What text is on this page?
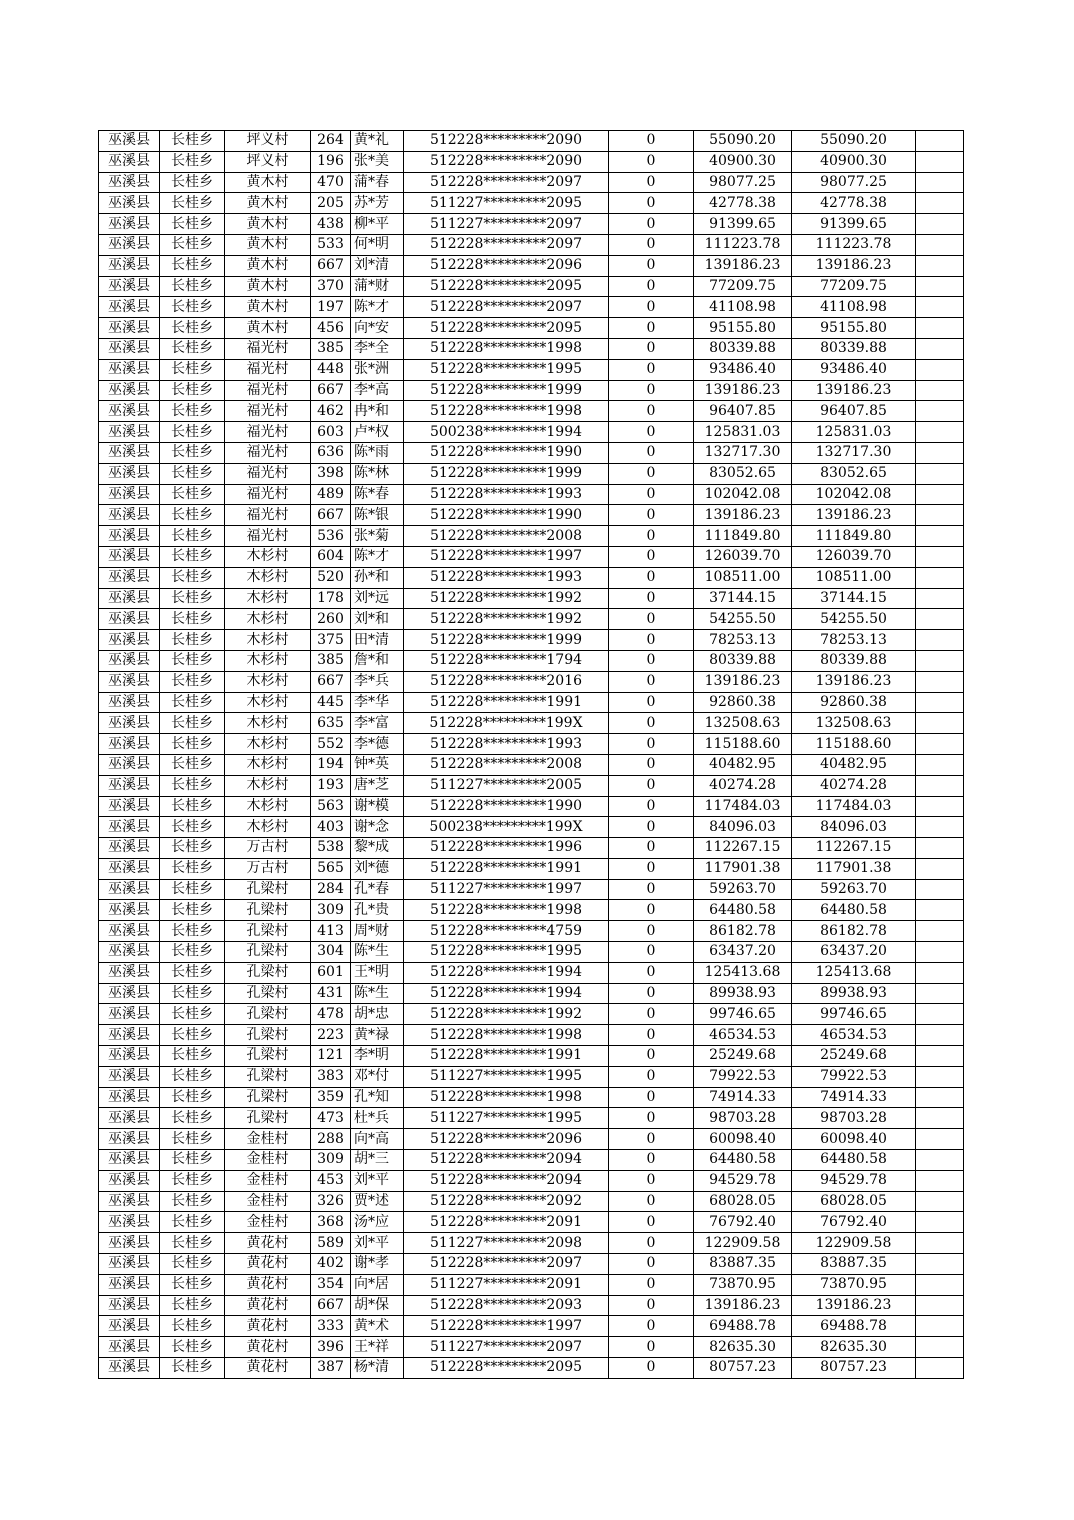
巫溪县	长桂乡	坪义村	264	黄*礼	512228*********2090	0	55090.20	55090.20	
巫溪县	长桂乡	坪义村	196	张*美	512228*********2090	0	40900.30	40900.30	
巫溪县	长桂乡	黄木村	470	蒲*春	512228*********2097	0	98077.25	98077.25	
巫溪县	长桂乡	黄木村	205	苏*芳	511227*********2095	0	42778.38	42778.38	
巫溪县	长桂乡	黄木村	438	柳*平	511227*********2097	0	91399.65	91399.65	
巫溪县	长桂乡	黄木村	533	何*明	512228*********2097	0	111223.78	111223.78	
巫溪县	长桂乡	黄木村	667	刘*清	512228*********2096	0	139186.23	139186.23	
巫溪县	长桂乡	黄木村	370	蒲*财	512228*********2095	0	77209.75	77209.75	
巫溪县	长桂乡	黄木村	197	陈*才	512228*********2097	0	41108.98	41108.98	
巫溪县	长桂乡	黄木村	456	向*安	512228*********2095	0	95155.80	95155.80	
巫溪县	长桂乡	福光村	385	李*全	512228*********1998	0	80339.88	80339.88	
巫溪县	长桂乡	福光村	448	张*洲	512228*********1995	0	93486.40	93486.40	
巫溪县	长桂乡	福光村	667	李*高	512228*********1999	0	139186.23	139186.23	
巫溪县	长桂乡	福光村	462	冉*和	512228*********1998	0	96407.85	96407.85	
巫溪县	长桂乡	福光村	603	卢*权	500238*********1994	0	125831.03	125831.03	
巫溪县	长桂乡	福光村	636	陈*雨	512228*********1990	0	132717.30	132717.30	
巫溪县	长桂乡	福光村	398	陈*林	512228*********1999	0	83052.65	83052.65	
巫溪县	长桂乡	福光村	489	陈*春	512228*********1993	0	102042.08	102042.08	
巫溪县	长桂乡	福光村	667	陈*银	512228*********1990	0	139186.23	139186.23	
巫溪县	长桂乡	福光村	536	张*菊	512228*********2008	0	111849.80	111849.80	
巫溪县	长桂乡	木杉村	604	陈*才	512228*********1997	0	126039.70	126039.70	
巫溪县	长桂乡	木杉村	520	孙*和	512228*********1993	0	108511.00	108511.00	
巫溪县	长桂乡	木杉村	178	刘*远	512228*********1992	0	37144.15	37144.15	
巫溪县	长桂乡	木杉村	260	刘*和	512228*********1992	0	54255.50	54255.50	
巫溪县	长桂乡	木杉村	375	田*清	512228*********1999	0	78253.13	78253.13	
巫溪县	长桂乡	木杉村	385	詹*和	512228*********1794	0	80339.88	80339.88	
巫溪县	长桂乡	木杉村	667	李*兵	512228*********2016	0	139186.23	139186.23	
巫溪县	长桂乡	木杉村	445	李*华	512228*********1991	0	92860.38	92860.38	
巫溪县	长桂乡	木杉村	635	李*富	512228*********199X	0	132508.63	132508.63	
巫溪县	长桂乡	木杉村	552	李*德	512228*********1993	0	115188.60	115188.60	
巫溪县	长桂乡	木杉村	194	钟*英	512228*********2008	0	40482.95	40482.95	
巫溪县	长桂乡	木杉村	193	唐*芝	511227*********2005	0	40274.28	40274.28	
巫溪县	长桂乡	木杉村	563	谢*模	512228*********1990	0	117484.03	117484.03	
巫溪县	长桂乡	木杉村	403	谢*念	500238*********199X	0	84096.03	84096.03	
巫溪县	长桂乡	万古村	538	黎*成	512228*********1996	0	112267.15	112267.15	
巫溪县	长桂乡	万古村	565	刘*德	512228*********1991	0	117901.38	117901.38	
巫溪县	长桂乡	孔梁村	284	孔*春	511227*********1997	0	59263.70	59263.70	
巫溪县	长桂乡	孔梁村	309	孔*贵	512228*********1998	0	64480.58	64480.58	
巫溪县	长桂乡	孔梁村	413	周*财	512228*********4759	0	86182.78	86182.78	
巫溪县	长桂乡	孔梁村	304	陈*生	512228*********1995	0	63437.20	63437.20	
巫溪县	长桂乡	孔梁村	601	王*明	512228*********1994	0	125413.68	125413.68	
巫溪县	长桂乡	孔梁村	431	陈*生	512228*********1994	0	89938.93	89938.93	
巫溪县	长桂乡	孔梁村	478	胡*忠	512228*********1992	0	99746.65	99746.65	
巫溪县	长桂乡	孔梁村	223	黄*禄	512228*********1998	0	46534.53	46534.53	
巫溪县	长桂乡	孔梁村	121	李*明	512228*********1991	0	25249.68	25249.68	
巫溪县	长桂乡	孔梁村	383	邓*付	511227*********1995	0	79922.53	79922.53	
巫溪县	长桂乡	孔梁村	359	孔*知	512228*********1998	0	74914.33	74914.33	
巫溪县	长桂乡	孔梁村	473	杜*兵	511227*********1995	0	98703.28	98703.28	
巫溪县	长桂乡	金桂村	288	向*高	512228*********2096	0	60098.40	60098.40	
巫溪县	长桂乡	金桂村	309	胡*三	512228*********2094	0	64480.58	64480.58	
巫溪县	长桂乡	金桂村	453	刘*平	512228*********2094	0	94529.78	94529.78	
巫溪县	长桂乡	金桂村	326	贾*述	512228*********2092	0	68028.05	68028.05	
巫溪县	长桂乡	金桂村	368	汤*应	512228*********2091	0	76792.40	76792.40	
巫溪县	长桂乡	黄花村	589	刘*平	511227*********2098	0	122909.58	122909.58	
巫溪县	长桂乡	黄花村	402	谢*孝	512228*********2097	0	83887.35	83887.35	
巫溪县	长桂乡	黄花村	354	向*居	511227*********2091	0	73870.95	73870.95	
巫溪县	长桂乡	黄花村	667	胡*保	512228*********2093	0	139186.23	139186.23	
巫溪县	长桂乡	黄花村	333	黄*术	512228*********1997	0	69488.78	69488.78	
巫溪县	长桂乡	黄花村	396	王*祥	511227*********2097	0	82635.30	82635.30	
巫溪县	长桂乡	黄花村	387	杨*清	512228*********2095	0	80757.23	80757.23	
